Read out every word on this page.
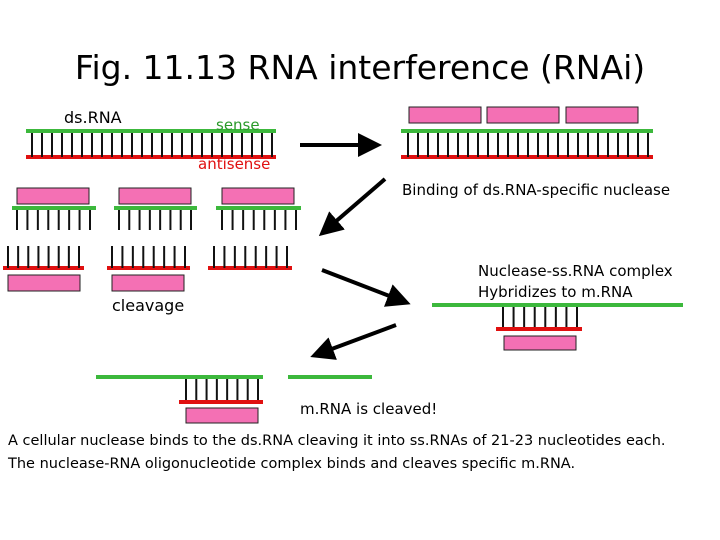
Fig. 11.13 RNA interference (RNAi)
ds.RNA	sense
antisense
Binding of ds.RNA-specific nuclease
Nuclease-ss.RNA complex
Hybridizes to m.RNA
cleavage
m.RNA is cleaved!
A cellular nuclease binds to the ds.RNA cleaving it into ss.RNAs of 21-23 nucleotides each.
The nuclease-RNA oligonucleotide complex binds and cleaves specific m.RNA.
